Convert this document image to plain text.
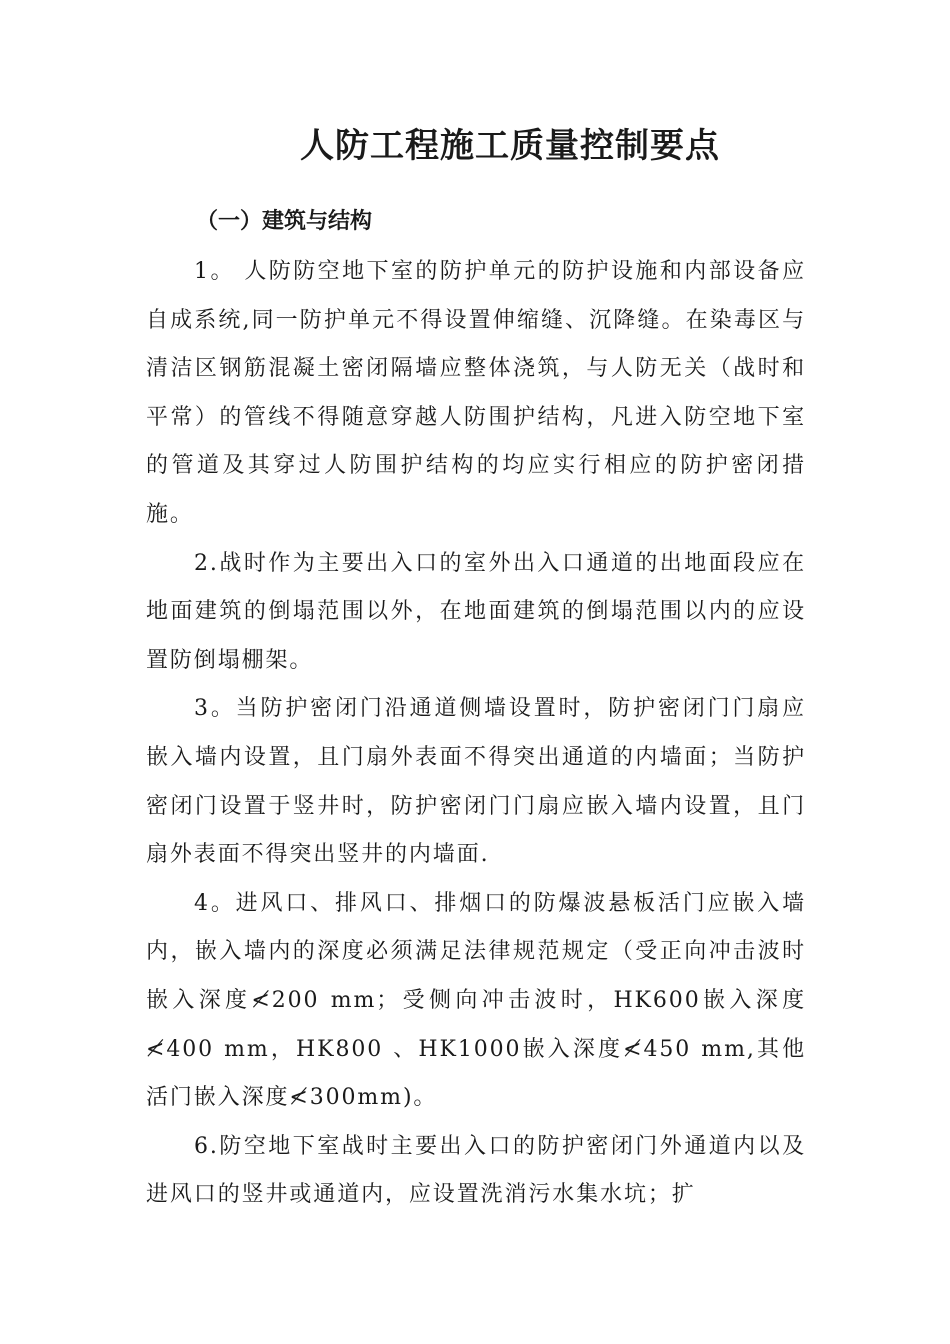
人防工程施工质量控制要点
（一）建筑与结构

1。 人防防空地下室的防护单元的防护设施和内部设备应自成系统,同一防护单元不得设置伸缩缝、沉降缝。在染毒区与清洁区钢筋混凝土密闭隔墙应整体浇筑，与人防无关（战时和平常）的管线不得随意穿越人防围护结构，凡进入防空地下室的管道及其穿过人防围护结构的均应实行相应的防护密闭措施。

2.战时作为主要出入口的室外出入口通道的出地面段应在地面建筑的倒塌范围以外，在地面建筑的倒塌范围以内的应设置防倒塌棚架。

3。当防护密闭门沿通道侧墙设置时，防护密闭门门扇应嵌入墙内设置，且门扇外表面不得突出通道的内墙面；当防护密闭门设置于竖井时，防护密闭门门扇应嵌入墙内设置，且门扇外表面不得突出竖井的内墙面.

4。进风口、排风口、排烟口的防爆波悬板活门应嵌入墙内，嵌入墙内的深度必须满足法律规范规定（受正向冲击波时嵌入深度≮200 mm；受侧向冲击波时，HK600嵌入深度≮400 mm，HK800 、HK1000嵌入深度≮450 mm,其他活门嵌入深度≮300mm)。

6.防空地下室战时主要出入口的防护密闭门外通道内以及进风口的竖井或通道内，应设置洗消污水集水坑；扩
